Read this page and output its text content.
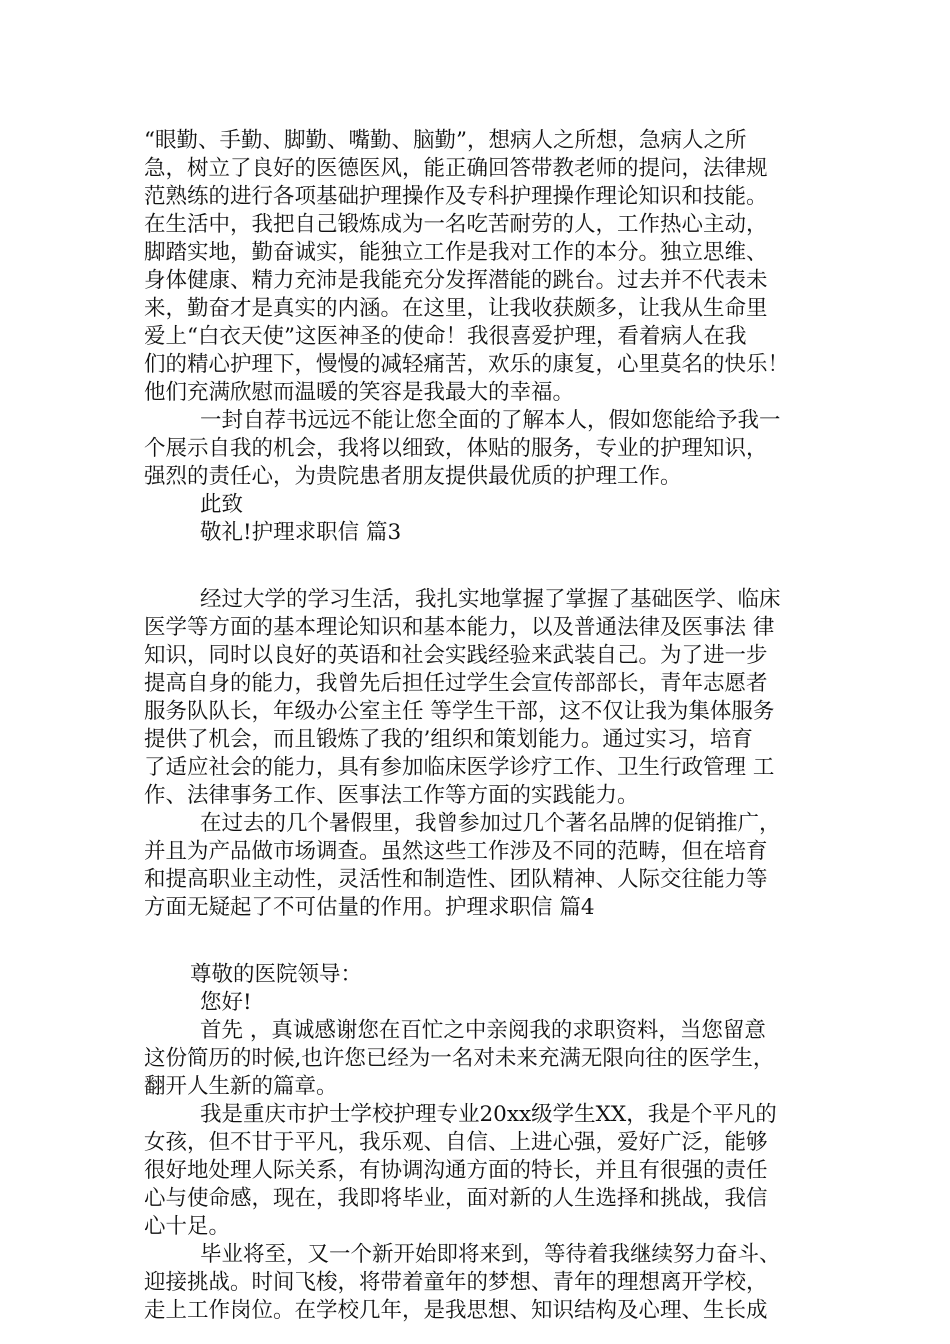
“眼勤、手勤、脚勤、嘴勤、脑勤”，想病人之所想，急病人之所
急，树立了良好的医德医风，能正确回答带教老师的提问，法律规
范熟练的进行各项基础护理操作及专科护理操作理论知识和技能。
在生活中，我把自己锻炼成为一名吃苦耐劳的人，工作热心主动，
脚踏实地，勤奋诚实，能独立工作是我对工作的本分。独立思维、
身体健康、精力充沛是我能充分发挥潜能的跳台。过去并不代表未
来，勤奋才是真实的内涵。在这里，让我收获颇多，让我从生命里
爱上“白衣天使”这医神圣的使命！我很喜爱护理，看着病人在我
们的精心护理下，慢慢的减轻痛苦，欢乐的康复，心里莫名的快乐！
他们充满欣慰而温暖的笑容是我最大的幸福。
一封自荐书远远不能让您全面的了解本人，假如您能给予我一
个展示自我的机会，我将以细致，体贴的服务，专业的护理知识，
强烈的责任心，为贵院患者朋友提供最优质的护理工作。
此致
敬礼!护理求职信 篇3
经过大学的学习生活，我扎实地掌握了掌握了基础医学、临床
医学等方面的基本理论知识和基本能力，以及普通法律及医事法 律
知识，同时以良好的英语和社会实践经验来武装自己。为了进一步
提高自身的能力，我曾先后担任过学生会宣传部部长，青年志愿者
服务队队长，年级办公室主任 等学生干部，这不仅让我为集体服务
提供了机会，而且锻炼了我的’组织和策划能力。通过实习，培育
了适应社会的能力，具有参加临床医学诊疗工作、卫生行政管理 工
作、法律事务工作、医事法工作等方面的实践能力。
在过去的几个暑假里，我曾参加过几个著名品牌的促销推广，
并且为产品做市场调查。虽然这些工作涉及不同的范畴，但在培育
和提高职业主动性，灵活性和制造性、团队精神、人际交往能力等
方面无疑起了不可估量的作用。护理求职信 篇4
尊敬的医院领导：
您好!
首先 ，真诚感谢您在百忙之中亲阅我的求职资料，当您留意
这份简历的时候,也许您已经为一名对未来充满无限向往的医学生，
翻开人生新的篇章。
我是重庆市护士学校护理专业20xx级学生XX，我是个平凡的
女孩，但不甘于平凡，我乐观、自信、上进心强，爱好广泛，能够
很好地处理人际关系，有协调沟通方面的特长，并且有很强的责任
心与使命感，现在，我即将毕业，面对新的人生选择和挑战，我信
心十足。
毕业将至，又一个新开始即将来到，等待着我继续努力奋斗、
迎接挑战。时间飞梭，将带着童年的梦想、青年的理想离开学校，
走上工作岗位。在学校几年，是我思想、知识结构及心理、生长成
